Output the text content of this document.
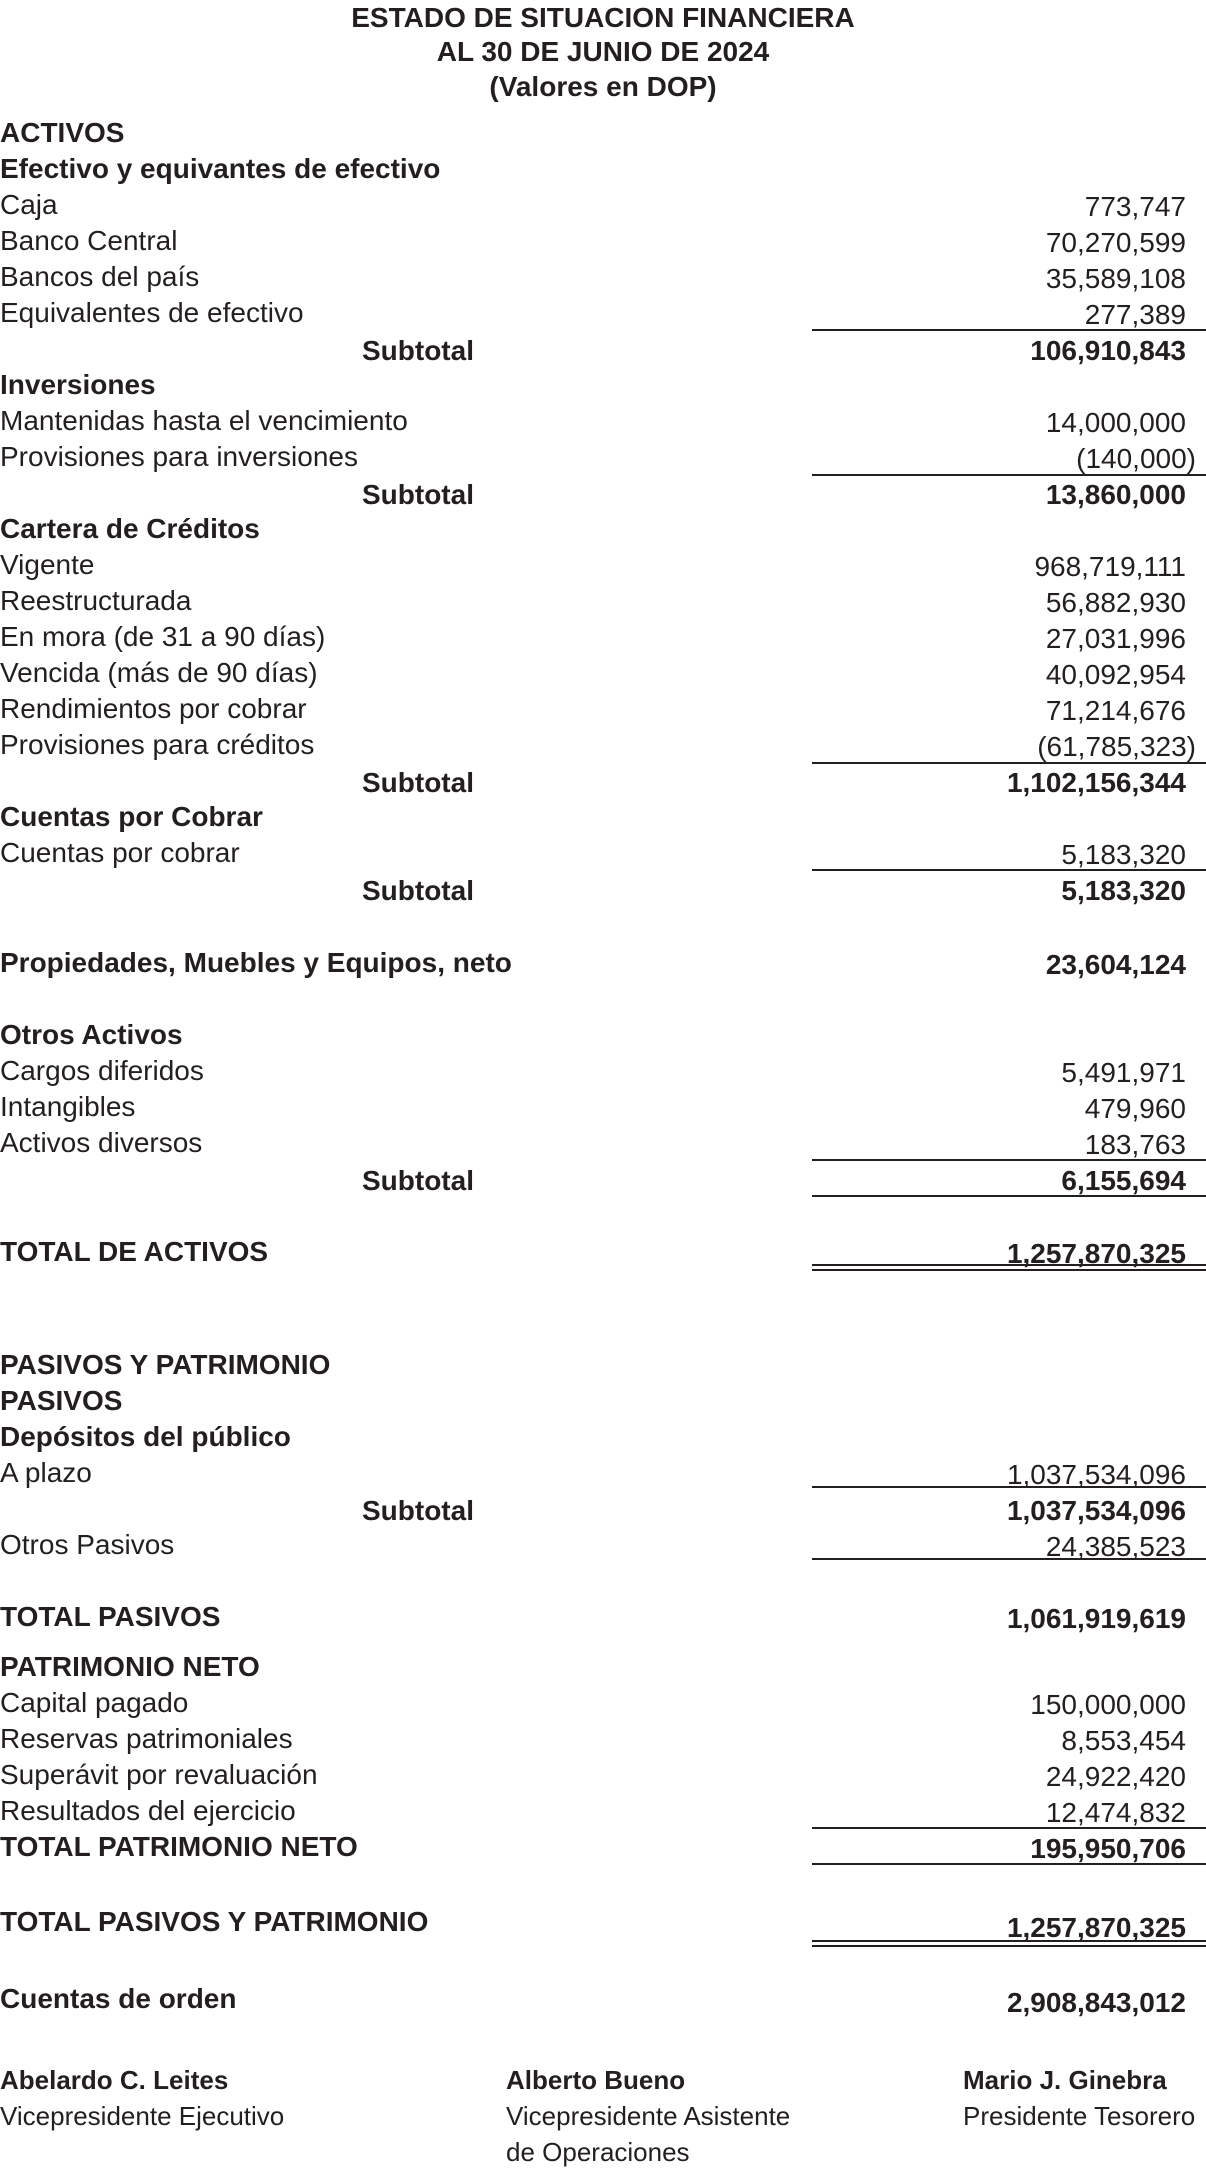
ESTADO DE SITUACION FINANCIERA
AL 30 DE JUNIO DE 2024
(Valores en DOP)
ACTIVOS
Efectivo y equivantes de efectivo
Caja	773,747
Banco Central	70,270,599
Bancos del país	35,589,108
Equivalentes de efectivo	277,389
Subtotal	106,910,843
Inversiones
Mantenidas hasta el vencimiento	14,000,000
Provisiones para inversiones	(140,000)
Subtotal	13,860,000
Cartera de Créditos
Vigente	968,719,111
Reestructurada	56,882,930
En mora (de 31 a 90 días)	27,031,996
Vencida (más de 90 días)	40,092,954
Rendimientos por cobrar	71,214,676
Provisiones para créditos	(61,785,323)
Subtotal	1,102,156,344
Cuentas por Cobrar
Cuentas por cobrar	5,183,320
Subtotal	5,183,320
Propiedades, Muebles y Equipos, neto	23,604,124
Otros Activos
Cargos diferidos	5,491,971
Intangibles	479,960
Activos diversos	183,763
Subtotal	6,155,694
TOTAL DE ACTIVOS	1,257,870,325
PASIVOS Y PATRIMONIO
PASIVOS
Depósitos del público
A plazo	1,037,534,096
Subtotal	1,037,534,096
Otros Pasivos	24,385,523
TOTAL PASIVOS	1,061,919,619
PATRIMONIO NETO
Capital pagado	150,000,000
Reservas patrimoniales	8,553,454
Superávit por revaluación	24,922,420
Resultados del ejercicio	12,474,832
TOTAL PATRIMONIO NETO	195,950,706
TOTAL PASIVOS Y PATRIMONIO	1,257,870,325
Cuentas de orden	2,908,843,012
Abelardo C. Leites
Vicepresidente Ejecutivo
Alberto Bueno
Vicepresidente Asistente
de Operaciones
Mario J. Ginebra
Presidente Tesorero
